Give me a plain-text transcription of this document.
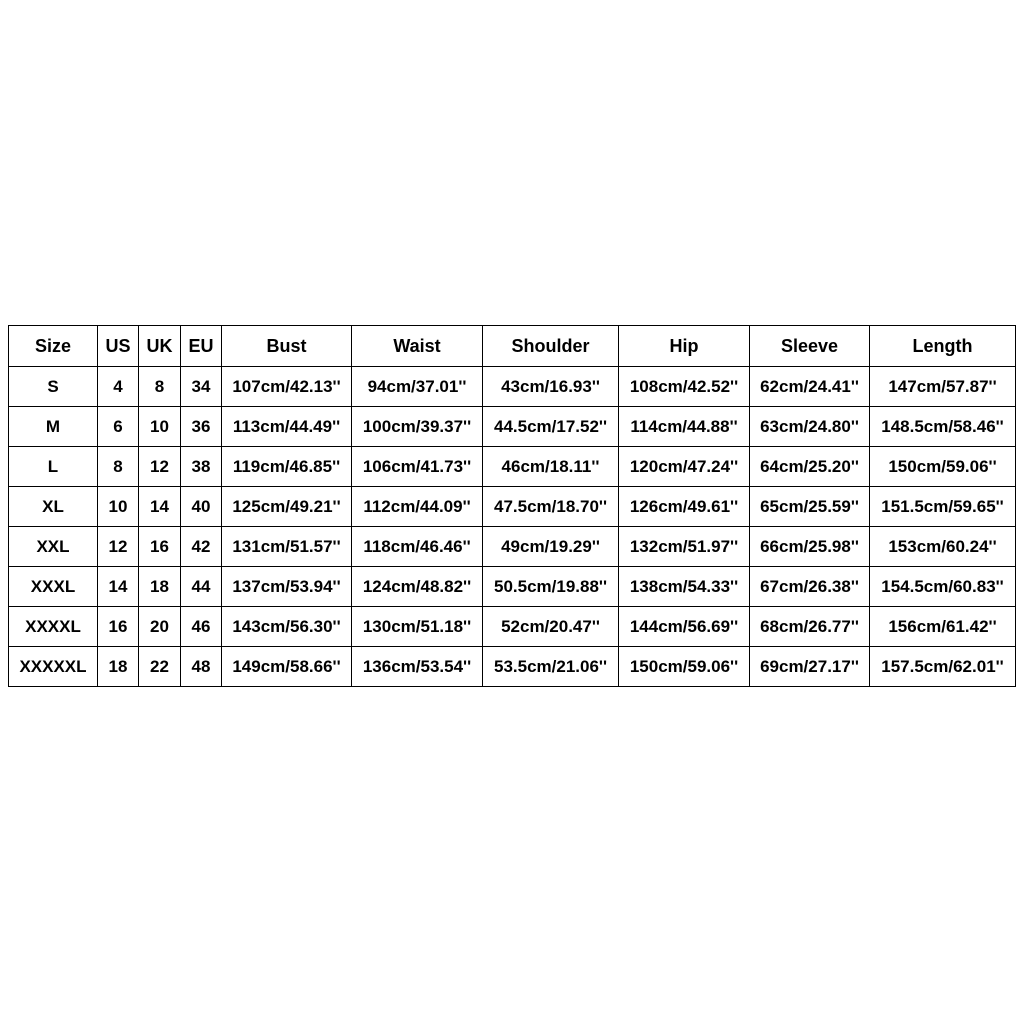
Size	US	UK	EU	Bust	Waist	Shoulder	Hip	Sleeve	Length
S	4	8	34	107cm/42.13''	94cm/37.01''	43cm/16.93''	108cm/42.52''	62cm/24.41''	147cm/57.87''
M	6	10	36	113cm/44.49''	100cm/39.37''	44.5cm/17.52''	114cm/44.88''	63cm/24.80''	148.5cm/58.46''
L	8	12	38	119cm/46.85''	106cm/41.73''	46cm/18.11''	120cm/47.24''	64cm/25.20''	150cm/59.06''
XL	10	14	40	125cm/49.21''	112cm/44.09''	47.5cm/18.70''	126cm/49.61''	65cm/25.59''	151.5cm/59.65''
XXL	12	16	42	131cm/51.57''	118cm/46.46''	49cm/19.29''	132cm/51.97''	66cm/25.98''	153cm/60.24''
XXXL	14	18	44	137cm/53.94''	124cm/48.82''	50.5cm/19.88''	138cm/54.33''	67cm/26.38''	154.5cm/60.83''
XXXXL	16	20	46	143cm/56.30''	130cm/51.18''	52cm/20.47''	144cm/56.69''	68cm/26.77''	156cm/61.42''
XXXXXL	18	22	48	149cm/58.66''	136cm/53.54''	53.5cm/21.06''	150cm/59.06''	69cm/27.17''	157.5cm/62.01''
